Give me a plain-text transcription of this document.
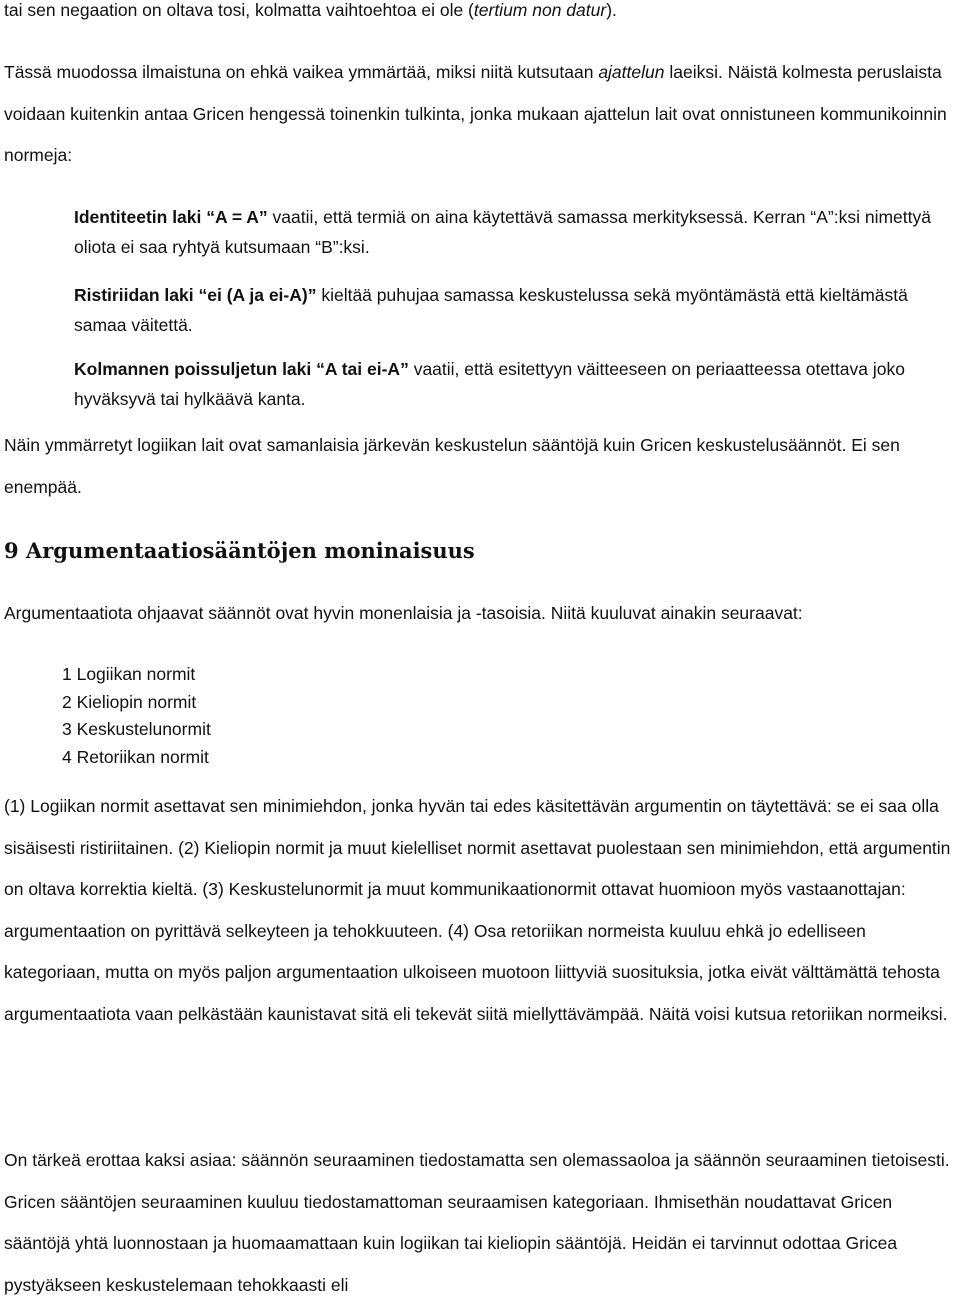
tai sen negaation on oltava tosi, kolmatta vaihtoehtoa ei ole (tertium non datur).

Tässä muodossa ilmaistuna on ehkä vaikea ymmärtää, miksi niitä kutsutaan ajattelun laeiksi. Näistä kolmesta peruslaista voidaan kuitenkin antaa Gricen hengessä toinenkin tulkinta, jonka mukaan ajattelun lait ovat onnistuneen kommunikoinnin normeja:

Identiteetin laki “A = A” vaatii, että termiä on aina käytettävä samassa merkityksessä. Kerran “A”:ksi nimettyä oliota ei saa ryhtyä kutsumaan “B”:ksi.

Ristiriidan laki “ei (A ja ei-A)” kieltää puhujaa samassa keskustelussa sekä myöntämästä että kieltämästä samaa väitettä.

Kolmannen poissuljetun laki “A tai ei-A” vaatii, että esitettyyn väitteeseen on periaatteessa otettava joko hyväksyvä tai hylkäävä kanta.

Näin ymmärretyt logiikan lait ovat samanlaisia järkevän keskustelun sääntöjä kuin Gricen keskustelusäännöt. Ei sen enempää.

9 Argumentaatiosääntöjen moninaisuus

Argumentaatiota ohjaavat säännöt ovat hyvin monenlaisia ja -tasoisia. Niitä kuuluvat ainakin seuraavat:

1 Logiikan normit
2 Kieliopin normit
3 Keskustelunormit
4 Retoriikan normit

(1) Logiikan normit asettavat sen minimiehdon, jonka hyvän tai edes käsitettävän argumentin on täytettävä: se ei saa olla sisäisesti ristiriitainen. (2) Kieliopin normit ja muut kielelliset normit asettavat puolestaan sen minimiehdon, että argumentin on oltava korrektia kieltä. (3) Keskustelunormit ja muut kommunikaationormit ottavat huomioon myös vastaanottajan: argumentaation on pyrittävä selkeyteen ja tehokkuuteen. (4) Osa retoriikan normeista kuuluu ehkä jo edelliseen kategoriaan, mutta on myös paljon argumentaation ulkoiseen muotoon liittyviä suosituksia, jotka eivät välttämättä tehosta argumentaatiota vaan pelkästään kaunistavat sitä eli tekevät siitä miellyttävämpää. Näitä voisi kutsua retoriikan normeiksi.

On tärkeä erottaa kaksi asiaa: säännön seuraaminen tiedostamatta sen olemassaoloa ja säännön seuraaminen tietoisesti. Gricen sääntöjen seuraaminen kuuluu tiedostamattoman seuraamisen kategoriaan. Ihmisethän noudattavat Gricen sääntöjä yhtä luonnostaan ja huomaamattaan kuin logiikan tai kieliopin sääntöjä. Heidän ei tarvinnut odottaa Gricea pystyäkseen keskustelemaan tehokkaasti eli
